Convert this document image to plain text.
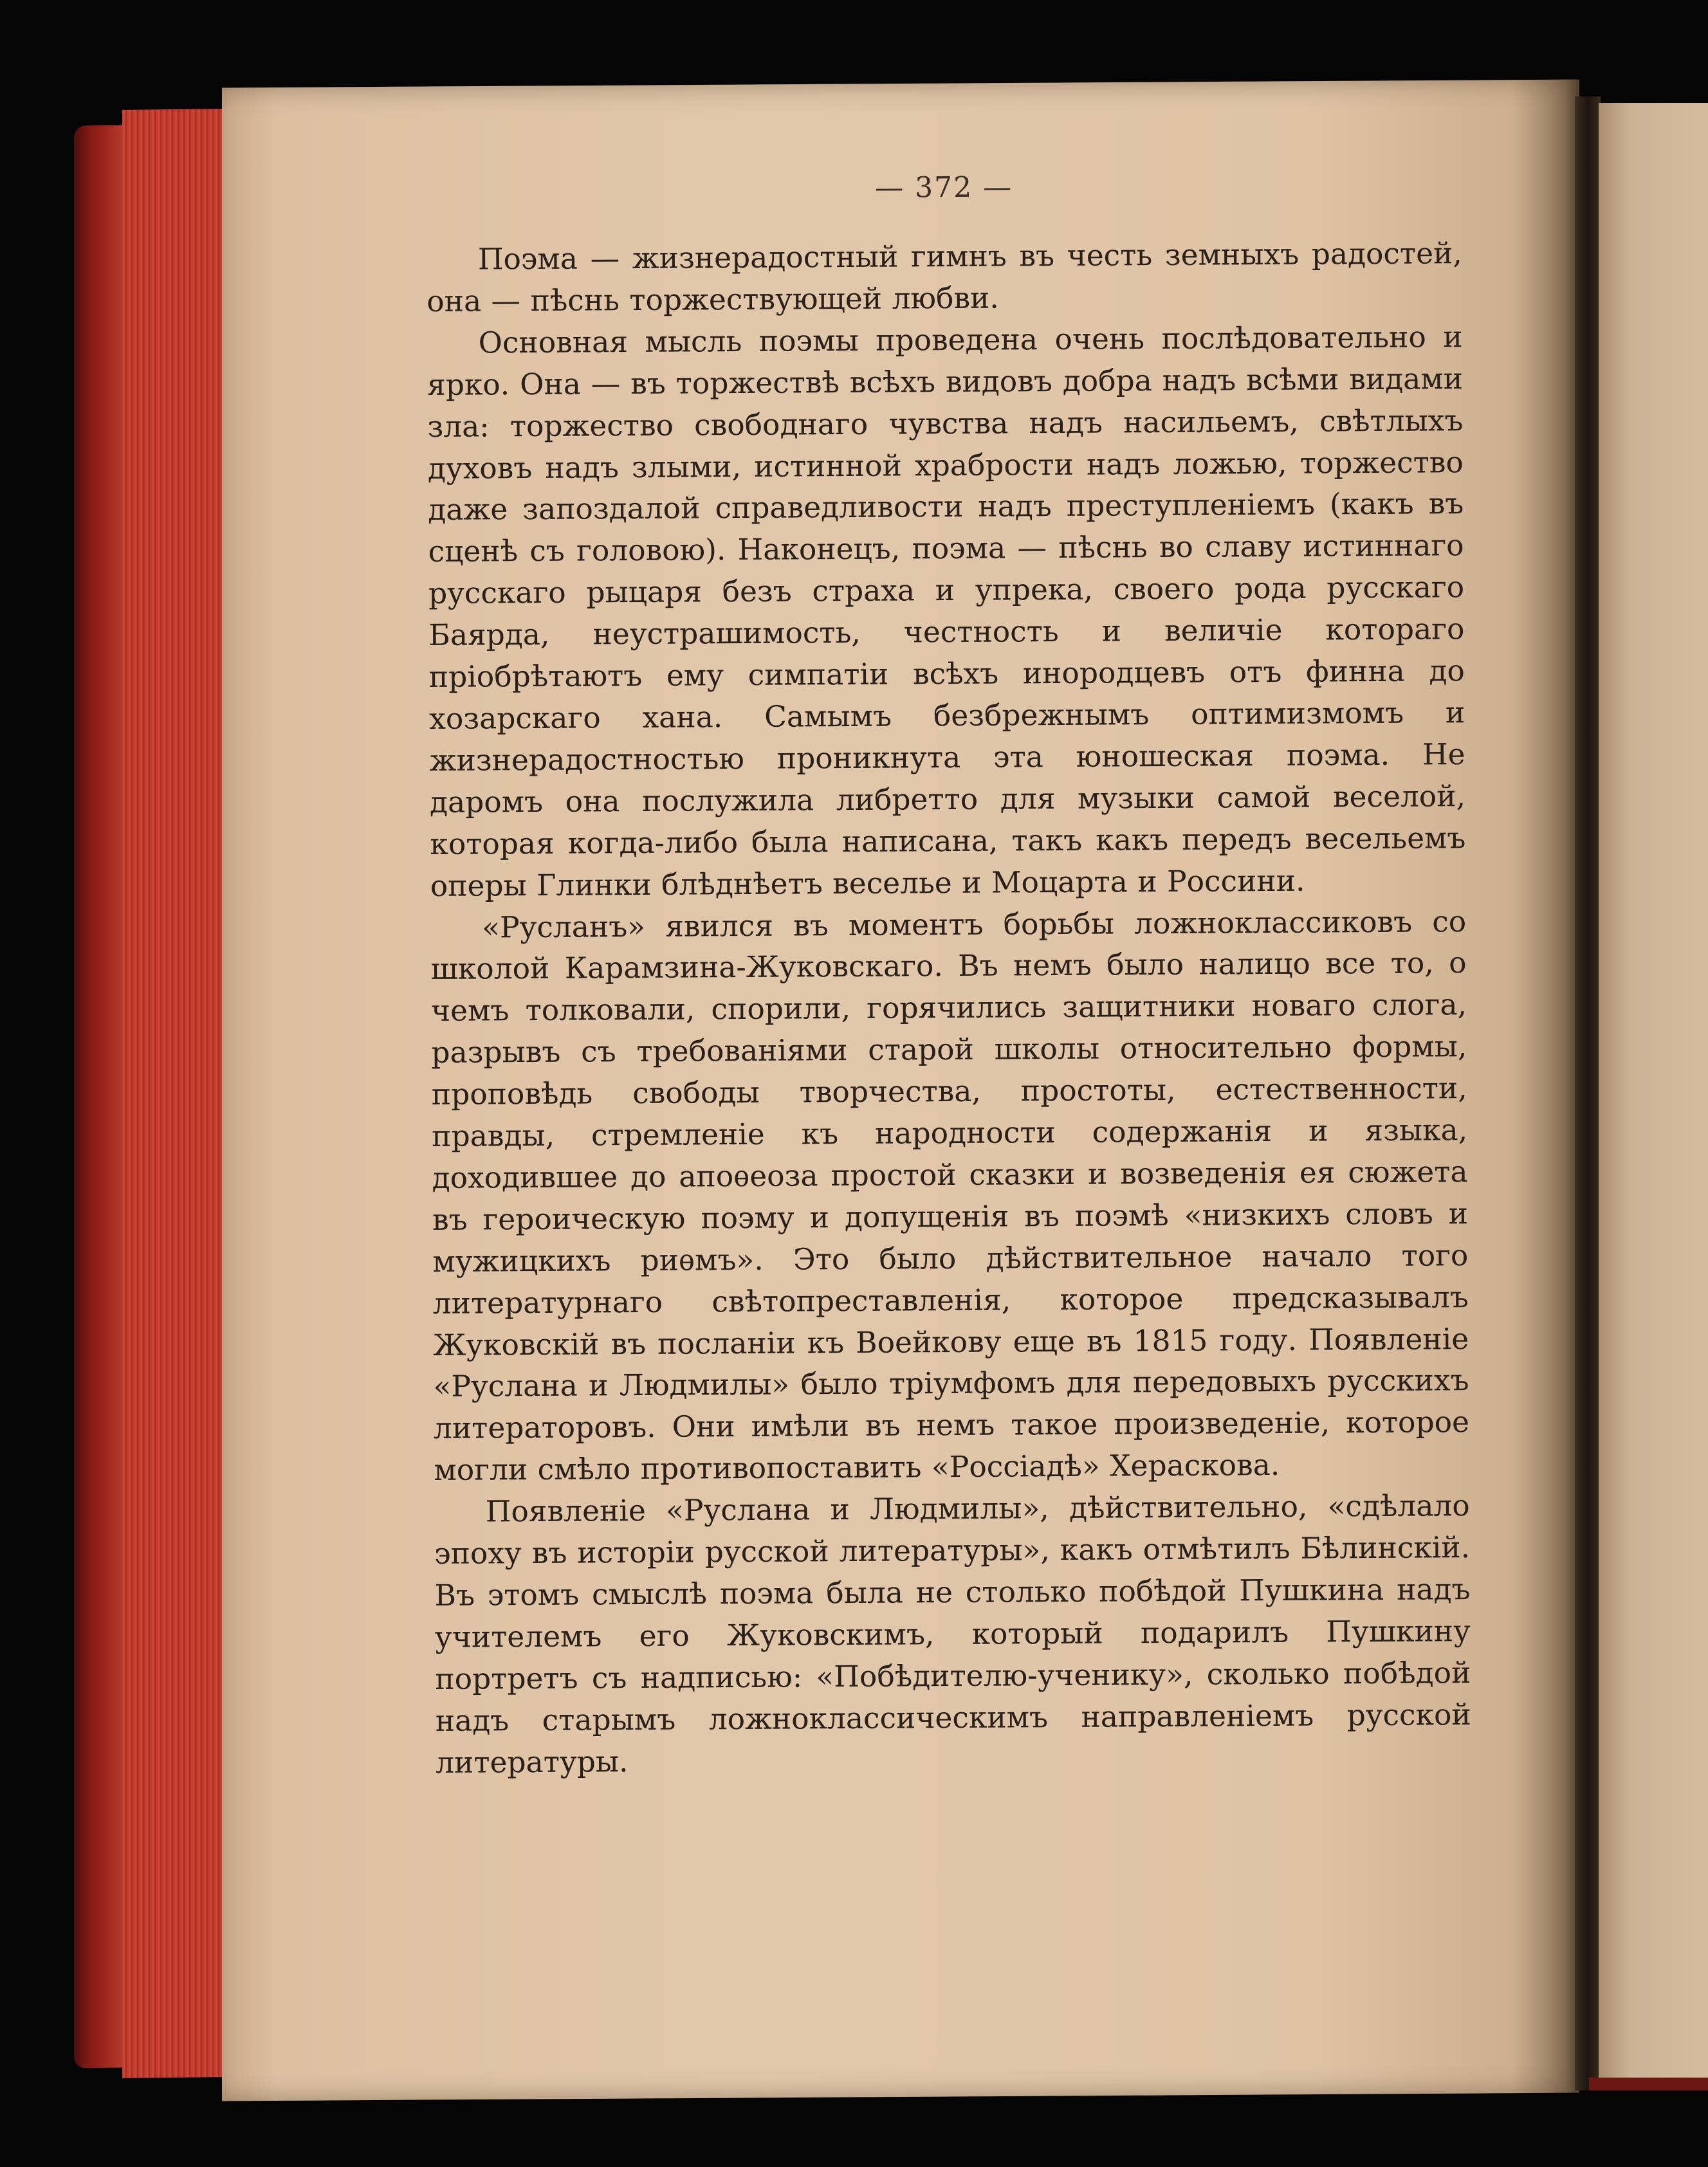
— 372 —

Поэма — жизнерадостный гимнъ въ честь земныхъ радостей, она — пѣснь торжествующей любви.

Основная мысль поэмы проведена очень послѣдовательно и ярко. Она — въ торжествѣ всѣхъ видовъ добра надъ всѣми видами зла: торжество свободнаго чувства надъ насильемъ, свѣтлыхъ духовъ надъ злыми, истинной храбрости надъ ложью, торжество даже запоздалой справедливости надъ преступленіемъ (какъ въ сценѣ съ головою). Наконецъ, поэма — пѣснь во славу истиннаго русскаго рыцаря безъ страха и упрека, своего рода русскаго Баярда, неустрашимость, честность и величіе котораго пріобрѣтаютъ ему симпатіи всѣхъ инородцевъ отъ финна до хозарскаго хана. Самымъ безбрежнымъ оптимизмомъ и жизнерадостностью проникнута эта юношеская поэма. Не даромъ она послужила либретто для музыки самой веселой, которая когда-либо была написана, такъ какъ передъ весельемъ оперы Глинки блѣднѣетъ веселье и Моцарта и Россини.

«Русланъ» явился въ моментъ борьбы ложноклассиковъ со школой Карамзина-Жуковскаго. Въ немъ было налицо все то, о чемъ толковали, спорили, горячились защитники новаго слога, разрывъ съ требованіями старой школы относительно формы, проповѣдь свободы творчества, простоты, естественности, правды, стремленіе къ народности содержанія и языка, доходившее до апоѳеоза простой сказки и возведенія ея сюжета въ героическую поэму и допущенія въ поэмѣ «низкихъ словъ и мужицкихъ риѳмъ». Это было дѣйствительное начало того литературнаго свѣтопреставленія, которое предсказывалъ Жуковскій въ посланіи къ Воейкову еще въ 1815 году. Появленіе «Руслана и Людмилы» было тріумфомъ для передовыхъ русскихъ литераторовъ. Они имѣли въ немъ такое произведеніе, которое могли смѣло противопоставить «Россіадѣ» Хераскова.

Появленіе «Руслана и Людмилы», дѣйствительно, «сдѣлало эпоху въ исторіи русской литературы», какъ отмѣтилъ Бѣлинскій. Въ этомъ смыслѣ поэма была не столько побѣдой Пушкина надъ учителемъ его Жуковскимъ, который подарилъ Пушкину портретъ съ надписью: «Побѣдителю-ученику», сколько побѣдой надъ старымъ ложноклассическимъ направленіемъ русской литературы.
